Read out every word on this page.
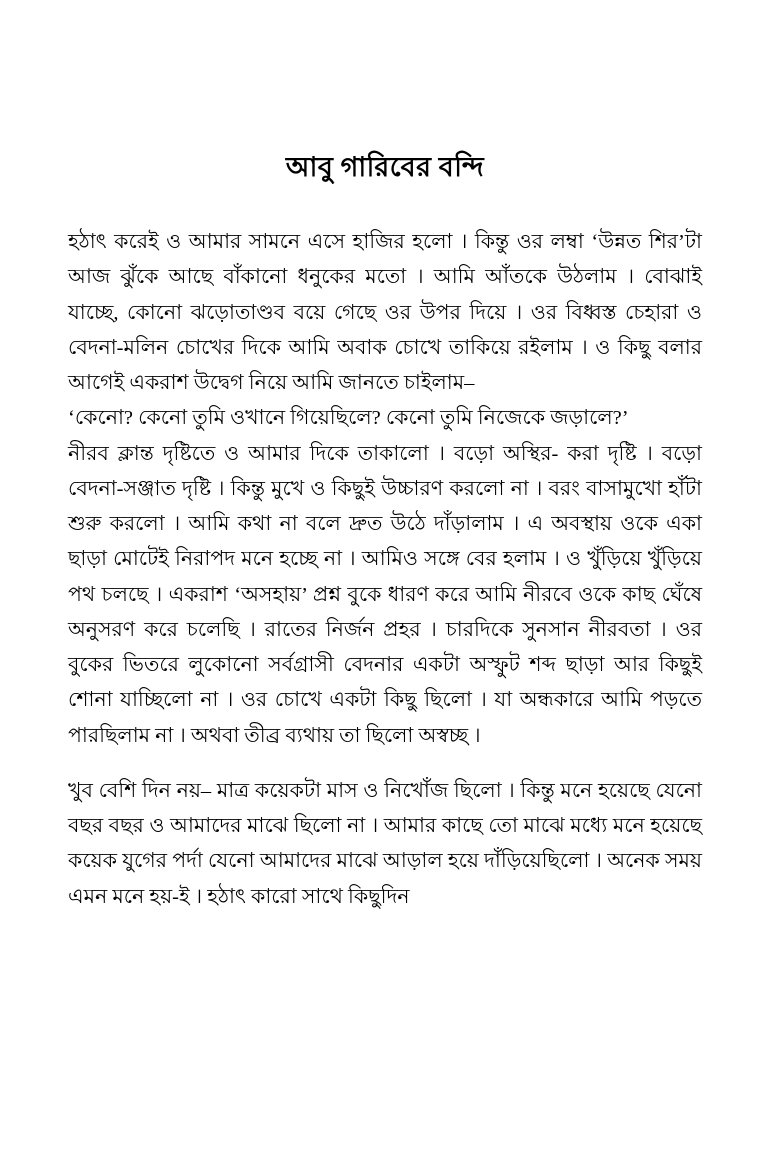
আবু গারিবের বন্দি

হঠাৎ করেই ও আমার সামনে এসে হাজির হলো । কিন্তু ওর লম্বা ‘উন্নত শির’টা আজ ঝুঁকে আছে বাঁকানো ধনুকের মতো । আমি আঁতকে উঠলাম । বোঝাই যাচ্ছে, কোনো ঝড়ো‌তাণ্ডব বয়ে গেছে ওর উপর দিয়ে । ওর বিধ্বস্ত চেহারা ও বেদনা-মলিন চোখের দিকে আমি অবাক চোখে তাকিয়ে রইলাম । ও কিছু বলার আগেই একরাশ উদ্বেগ নিয়ে আমি জানতে চাইলাম–

‘কেনো? কেনো তুমি ওখানে গিয়েছিলে? কেনো তুমি নিজেকে জড়ালে?’

নীরব ক্লান্ত দৃষ্টিতে ও আমার দিকে তাকালো । বড়ো অস্থির- করা দৃষ্টি । বড়ো বেদনা-সঞ্জাত দৃষ্টি । কিন্তু মুখে ও কিছুই উচ্চারণ করলো না । বরং বাসামুখো হাঁটা শুরু করলো । আমি কথা না বলে দ্রুত উঠে দাঁড়ালাম । এ অবস্থায় ওকে একা ছাড়া মোটেই নিরাপদ মনে হচ্ছে না । আমিও সঙ্গে বের হলাম । ও খুঁড়িয়ে খুঁড়িয়ে পথ চলছে । একরাশ ‘অসহায়’ প্রশ্ন বুকে ধারণ করে আমি নীরবে ওকে কাছ ঘেঁষে অনুসরণ করে চলেছি । রাতের নির্জন প্রহর । চারদিকে সুনসান নীরবতা । ওর বুকের ভিতরে লুকোনো সর্বগ্রাসী বেদনার একটা অস্ফুট শব্দ ছাড়া আর কিছুই শোনা যাচ্ছিলো না । ওর চোখে একটা কিছু ছিলো । যা অন্ধকারে আমি পড়তে পারছিলাম না । অথবা তীব্র ব্যথায় তা ছিলো অস্বচ্ছ ।

খুব বেশি দিন নয়– মাত্র কয়েকটা মাস ও নিখোঁজ ছিলো । কিন্তু মনে হয়েছে যেনো বছর বছর ও আমাদের মাঝে ছিলো না । আমার কাছে তো মাঝে মধ্যে মনে হয়েছে কয়েক যুগের পর্দা যেনো আমাদের মাঝে আড়াল হয়ে দাঁড়িয়েছিলো । অনেক সময় এমন মনে হয়-ই । হঠাৎ কারো সাথে কিছুদিন
